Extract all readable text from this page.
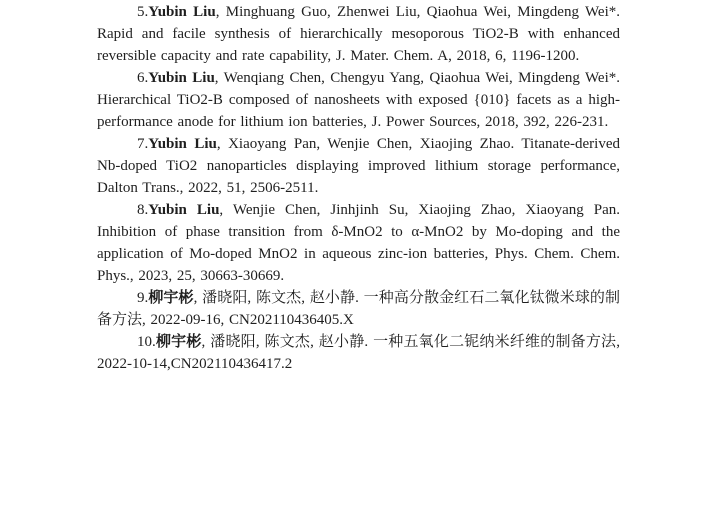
5.Yubin Liu, Minghuang Guo, Zhenwei Liu, Qiaohua Wei, Mingdeng Wei*. Rapid and facile synthesis of hierarchically mesoporous TiO2-B with enhanced reversible capacity and rate capability, J. Mater. Chem. A, 2018, 6, 1196-1200.

6.Yubin Liu, Wenqiang Chen, Chengyu Yang, Qiaohua Wei, Mingdeng Wei*. Hierarchical TiO2-B composed of nanosheets with exposed {010} facets as a high-performance anode for lithium ion batteries, J. Power Sources, 2018, 392, 226-231.

7.Yubin Liu, Xiaoyang Pan, Wenjie Chen, Xiaojing Zhao. Titanate-derived Nb-doped TiO2 nanoparticles displaying improved lithium storage performance, Dalton Trans., 2022, 51, 2506-2511.

8.Yubin Liu, Wenjie Chen, Jinhjinh Su, Xiaojing Zhao, Xiaoyang Pan. Inhibition of phase transition from δ-MnO2 to α-MnO2 by Mo-doping and the application of Mo-doped MnO2 in aqueous zinc-ion batteries, Phys. Chem. Chem. Phys., 2023, 25, 30663-30669.

9.柳宇彬, 潘晓阳, 陈文杰, 赵小静. 一种高分散金红石二氧化钛微米球的制备方法, 2022-09-16, CN202110436405.X

10.柳宇彬, 潘晓阳, 陈文杰, 赵小静. 一种五氧化二铌纳米纤维的制备方法, 2022-10-14,CN202110436417.2
